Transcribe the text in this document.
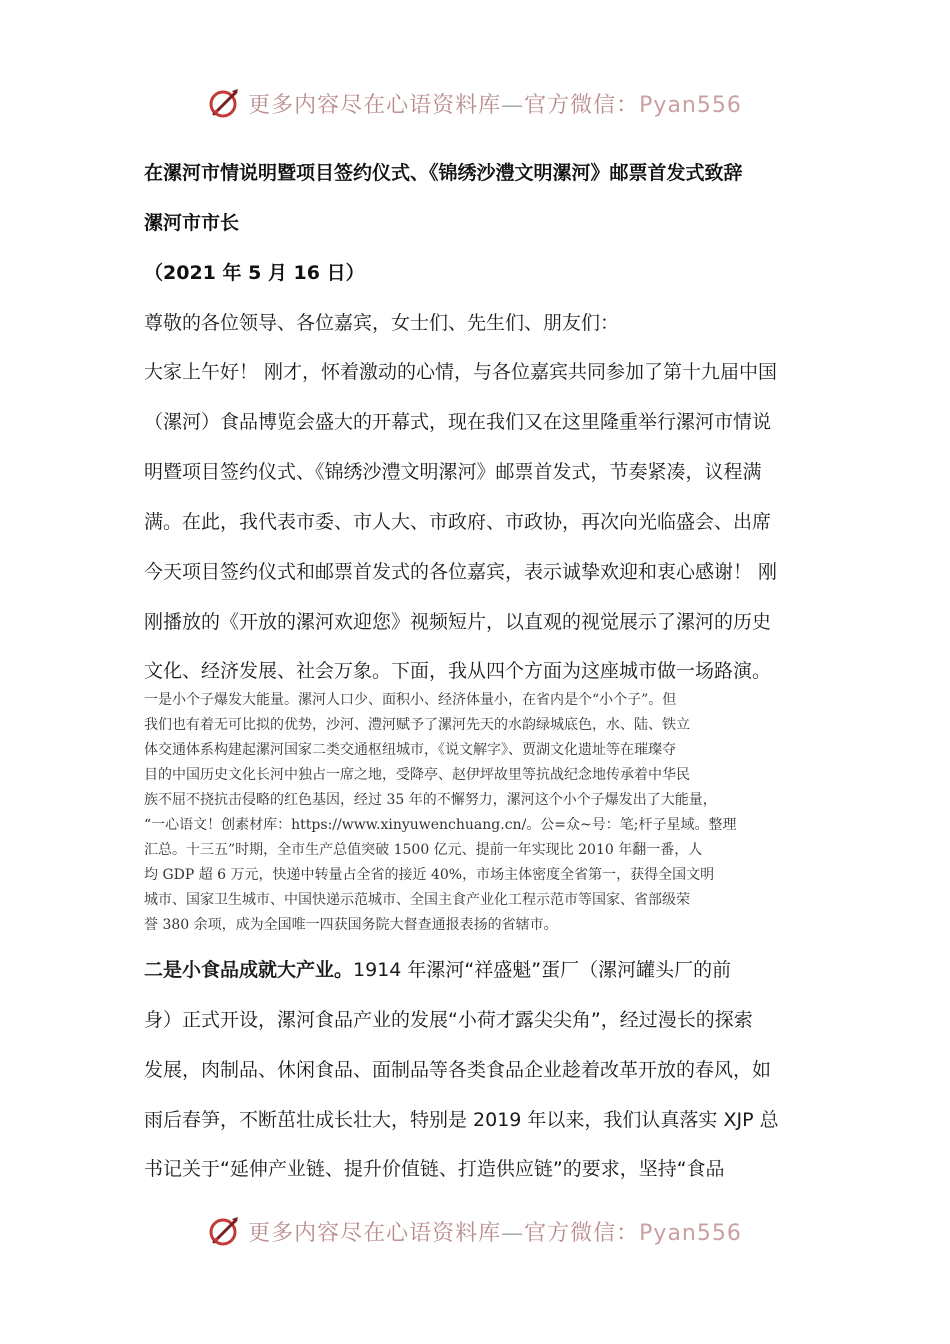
更多内容尽在心语资料库—官方微信：Pyan556
在漯河市情说明暨项目签约仪式、《锦绣沙澧文明漯河》邮票首发式致辞
漯河市市长
（2021 年 5 月 16 日）
尊敬的各位领导、各位嘉宾，女士们、先生们、朋友们：
大家上午好！ 刚才，怀着激动的心情，与各位嘉宾共同参加了第十九届中国
（漯河）食品博览会盛大的开幕式，现在我们又在这里隆重举行漯河市情说
明暨项目签约仪式、《锦绣沙澧文明漯河》邮票首发式，节奏紧凑，议程满
满。在此，我代表市委、市人大、市政府、市政协，再次向光临盛会、出席
今天项目签约仪式和邮票首发式的各位嘉宾，表示诚挚欢迎和衷心感谢！ 刚
刚播放的《开放的漯河欢迎您》视频短片，以直观的视觉展示了漯河的历史
文化、经济发展、社会万象。下面，我从四个方面为这座城市做一场路演。

一是小个子爆发大能量。漯河人口少、面积小、经济体量小，在省内是个“小个子”。但

我们也有着无可比拟的优势，沙河、澧河赋予了漯河先天的水韵绿城底色，水、陆、铁立

体交通体系构建起漯河国家二类交通枢纽城市，《说文解字》、贾湖文化遗址等在璀璨夺

目的中国历史文化长河中独占一席之地，受降亭、赵伊坪故里等抗战纪念地传承着中华民

族不屈不挠抗击侵略的红色基因，经过 35 年的不懈努力，漯河这个小个子爆发出了大能量，

“一心语文！创素材库：https://www.xinyuwenchuang.cn/。公=众~号：笔;杆子星域。整理

汇总。十三五”时期，全市生产总值突破 1500 亿元、提前一年实现比 2010 年翻一番，人

均 GDP 超 6 万元，快递中转量占全省的接近 40%，市场主体密度全省第一，获得全国文明

城市、国家卫生城市、中国快递示范城市、全国主食产业化工程示范市等国家、省部级荣

誉 380 余项，成为全国唯一四获国务院大督查通报表扬的省辖市。

二是小食品成就大产业。1914 年漯河“祥盛魁”蛋厂（漯河罐头厂的前
身）正式开设，漯河食品产业的发展“小荷才露尖尖角”，经过漫长的探索
发展，肉制品、休闲食品、面制品等各类食品企业趁着改革开放的春风，如
雨后春笋，不断茁壮成长壮大，特别是 2019 年以来，我们认真落实 XJP 总
书记关于“延伸产业链、提升价值链、打造供应链”的要求，坚持“食品
更多内容尽在心语资料库—官方微信：Pyan556
